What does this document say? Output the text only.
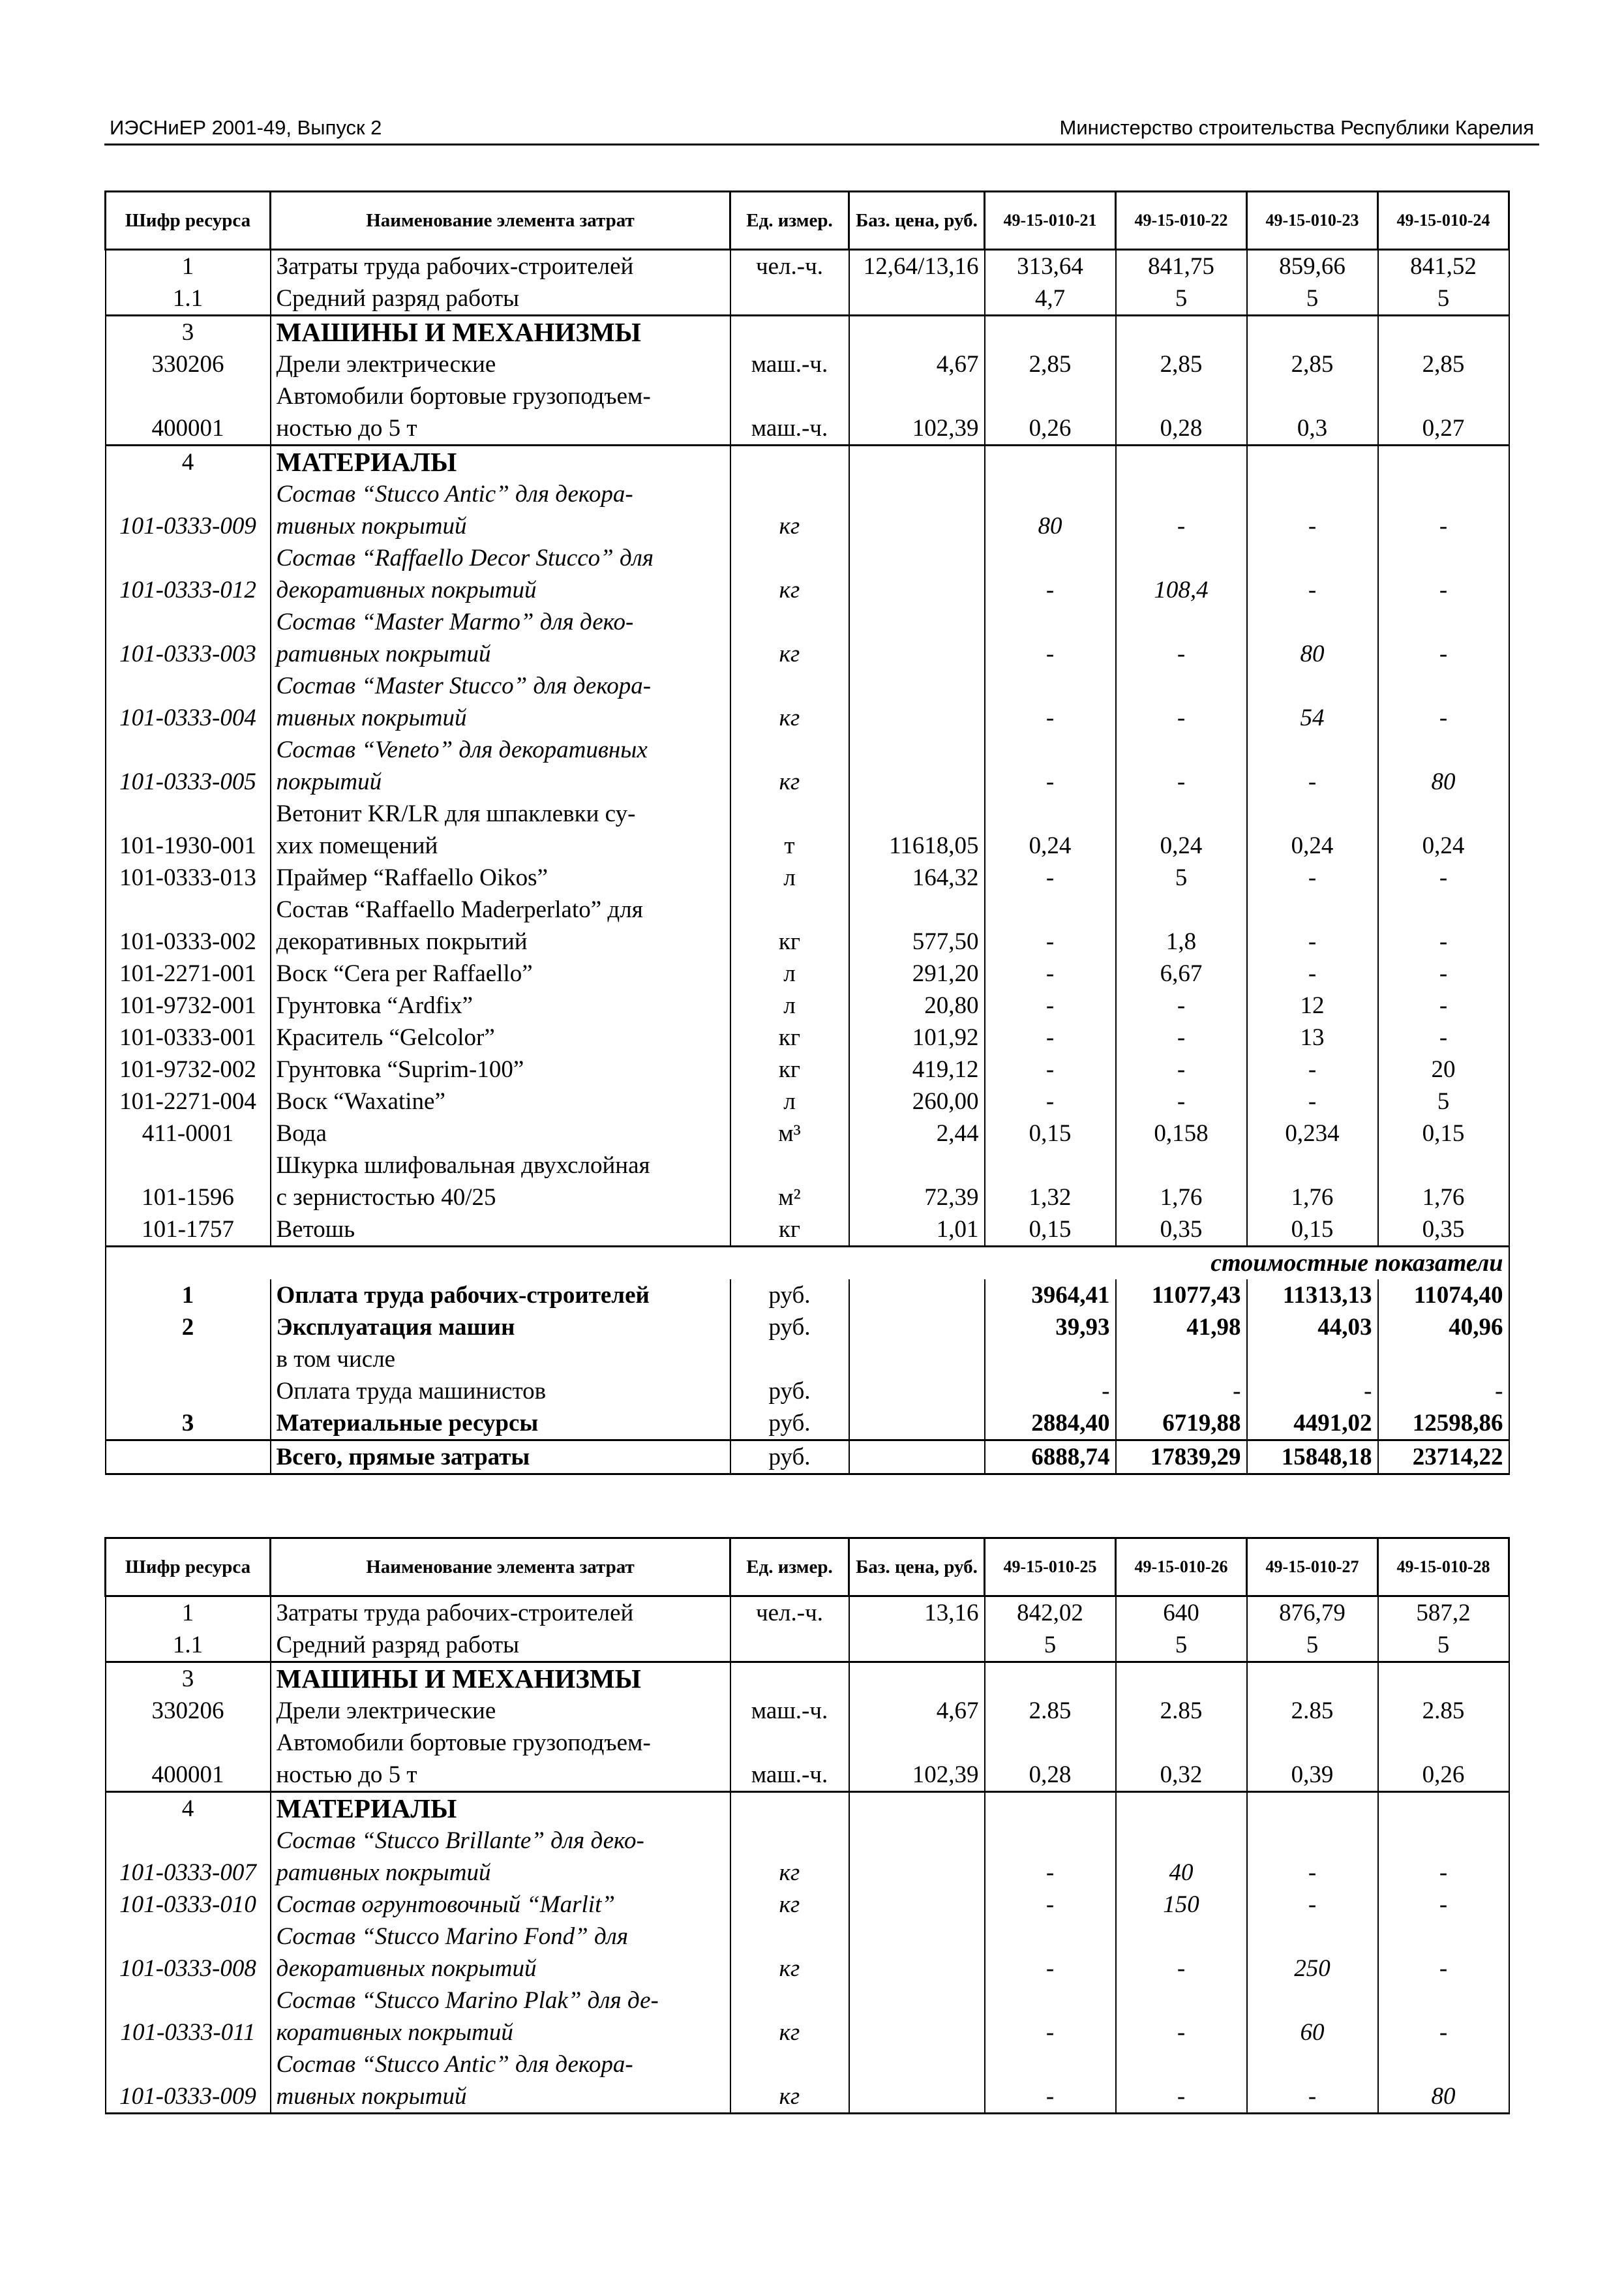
ИЭСНиЕР 2001-49, Выпуск 2	Министерство строительства Республики Карелия
Шифр ресурса	Наименование элемента затрат	Ед. измер.	Баз. цена, руб.	49-15-010-21	49-15-010-22	49-15-010-23	49-15-010-24
1	Затраты труда рабочих-строителей	чел.-ч.	12,64/13,16	313,64	841,75	859,66	841,52
1.1	Средний разряд работы			4,7	5	5	5
3	МАШИНЫ И МЕХАНИЗМЫ						
330206	Дрели электрические	маш.-ч.	4,67	2,85	2,85	2,85	2,85
	Автомобили бортовые грузоподъем-						
400001	ностью до 5 т	маш.-ч.	102,39	0,26	0,28	0,3	0,27
4	МАТЕРИАЛЫ						
	Состав “Stucco Antic” для декора-						
101-0333-009	тивных покрытий	кг		80	-	-	-
	Состав “Raffaello Decor Stucco” для						
101-0333-012	декоративных покрытий	кг		-	108,4	-	-
	Состав “Master Marmo” для деко-						
101-0333-003	ративных покрытий	кг		-	-	80	-
	Состав “Master Stucco” для декора-						
101-0333-004	тивных покрытий	кг		-	-	54	-
	Состав “Veneto” для декоративных						
101-0333-005	покрытий	кг		-	-	-	80
	Ветонит KR/LR для шпаклевки су-						
101-1930-001	хих помещений	т	11618,05	0,24	0,24	0,24	0,24
101-0333-013	Праймер “Raffaello Oikos”	л	164,32	-	5	-	-
	Состав “Raffaello Maderperlato” для						
101-0333-002	декоративных покрытий	кг	577,50	-	1,8	-	-
101-2271-001	Воск “Cera per Raffaello”	л	291,20	-	6,67	-	-
101-9732-001	Грунтовка “Ardfix”	л	20,80	-	-	12	-
101-0333-001	Краситель “Gelcolor”	кг	101,92	-	-	13	-
101-9732-002	Грунтовка “Suprim-100”	кг	419,12	-	-	-	20
101-2271-004	Воск “Waxatine”	л	260,00	-	-	-	5
411-0001	Вода	м³	2,44	0,15	0,158	0,234	0,15
	Шкурка шлифовальная двухслойная						
101-1596	с зернистостью 40/25	м²	72,39	1,32	1,76	1,76	1,76
101-1757	Ветошь	кг	1,01	0,15	0,35	0,15	0,35
стоимостные показатели							
1	Оплата труда рабочих-строителей	руб.		3964,41	11077,43	11313,13	11074,40
2	Эксплуатация машин	руб.		39,93	41,98	44,03	40,96
	в том числе						
	Оплата труда машинистов	руб.		-	-	-	-
3	Материальные ресурсы	руб.		2884,40	6719,88	4491,02	12598,86
	Всего, прямые затраты	руб.		6888,74	17839,29	15848,18	23714,22
Шифр ресурса	Наименование элемента затрат	Ед. измер.	Баз. цена, руб.	49-15-010-25	49-15-010-26	49-15-010-27	49-15-010-28
1	Затраты труда рабочих-строителей	чел.-ч.	13,16	842,02	640	876,79	587,2
1.1	Средний разряд работы			5	5	5	5
3	МАШИНЫ И МЕХАНИЗМЫ						
330206	Дрели электрические	маш.-ч.	4,67	2.85	2.85	2.85	2.85
	Автомобили бортовые грузоподъем-						
400001	ностью до 5 т	маш.-ч.	102,39	0,28	0,32	0,39	0,26
4	МАТЕРИАЛЫ						
	Состав “Stucco Brillante” для деко-						
101-0333-007	ративных покрытий	кг		-	40	-	-
101-0333-010	Состав огрунтовочный “Marlit”	кг		-	150	-	-
	Состав “Stucco Marino Fond” для						
101-0333-008	декоративных покрытий	кг		-	-	250	-
	Состав “Stucco Marino Plak” для де-						
101-0333-011	коративных покрытий	кг		-	-	60	-
	Состав “Stucco Antic” для декора-						
101-0333-009	тивных покрытий	кг		-	-	-	80
